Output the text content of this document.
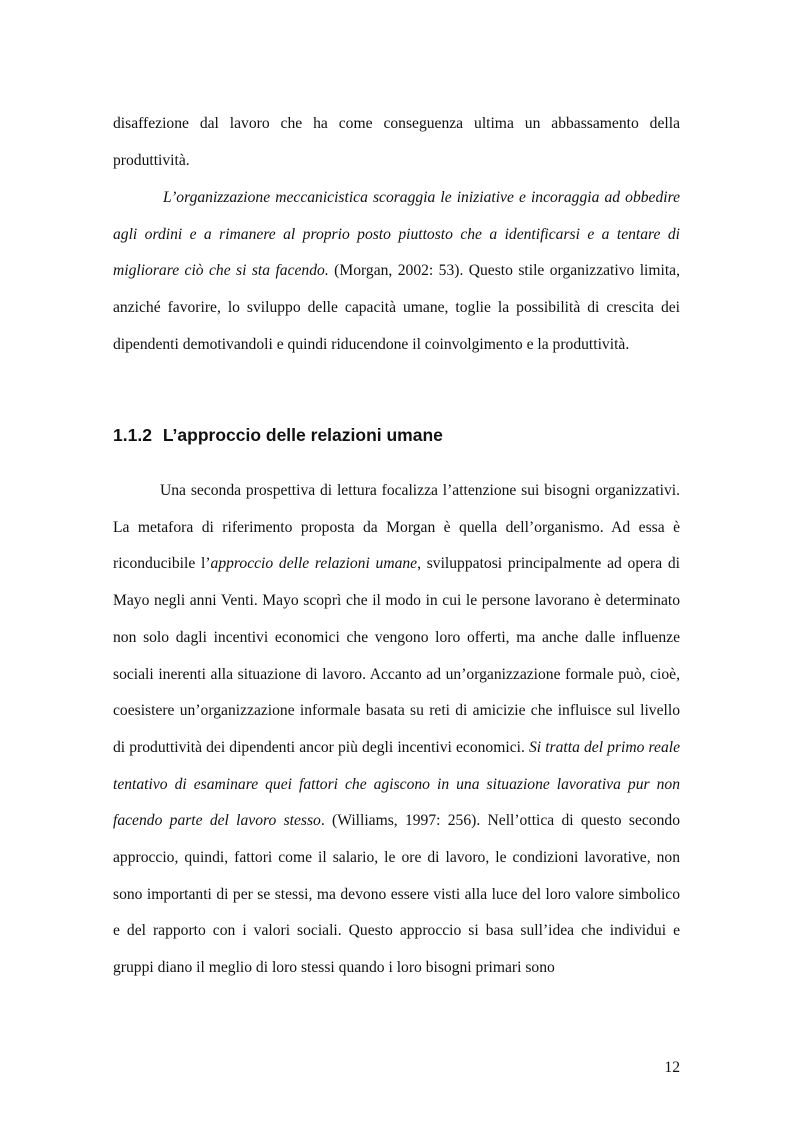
disaffezione dal lavoro che ha come conseguenza ultima un abbassamento della produttività.

L’organizzazione meccanicistica scoraggia le iniziative e incoraggia ad obbedire agli ordini e a rimanere al proprio posto piuttosto che a identificarsi e a tentare di migliorare ciò che si sta facendo. (Morgan, 2002: 53). Questo stile organizzativo limita, anziché favorire, lo sviluppo delle capacità umane, toglie la possibilità di crescita dei dipendenti demotivandoli e quindi riducendone il coinvolgimento e la produttività.

1.1.2 L’approccio delle relazioni umane

Una seconda prospettiva di lettura focalizza l’attenzione sui bisogni organizzativi. La metafora di riferimento proposta da Morgan è quella dell’organismo. Ad essa è riconducibile l’approccio delle relazioni umane, sviluppatosi principalmente ad opera di Mayo negli anni Venti. Mayo scoprì che il modo in cui le persone lavorano è determinato non solo dagli incentivi economici che vengono loro offerti, ma anche dalle influenze sociali inerenti alla situazione di lavoro. Accanto ad un’organizzazione formale può, cioè, coesistere un’organizzazione informale basata su reti di amicizie che influisce sul livello di produttività dei dipendenti ancor più degli incentivi economici. Si tratta del primo reale tentativo di esaminare quei fattori che agiscono in una situazione lavorativa pur non facendo parte del lavoro stesso. (Williams, 1997: 256). Nell’ottica di questo secondo approccio, quindi, fattori come il salario, le ore di lavoro, le condizioni lavorative, non sono importanti di per se stessi, ma devono essere visti alla luce del loro valore simbolico e del rapporto con i valori sociali. Questo approccio si basa sull’idea che individui e gruppi diano il meglio di loro stessi quando i loro bisogni primari sono

12
